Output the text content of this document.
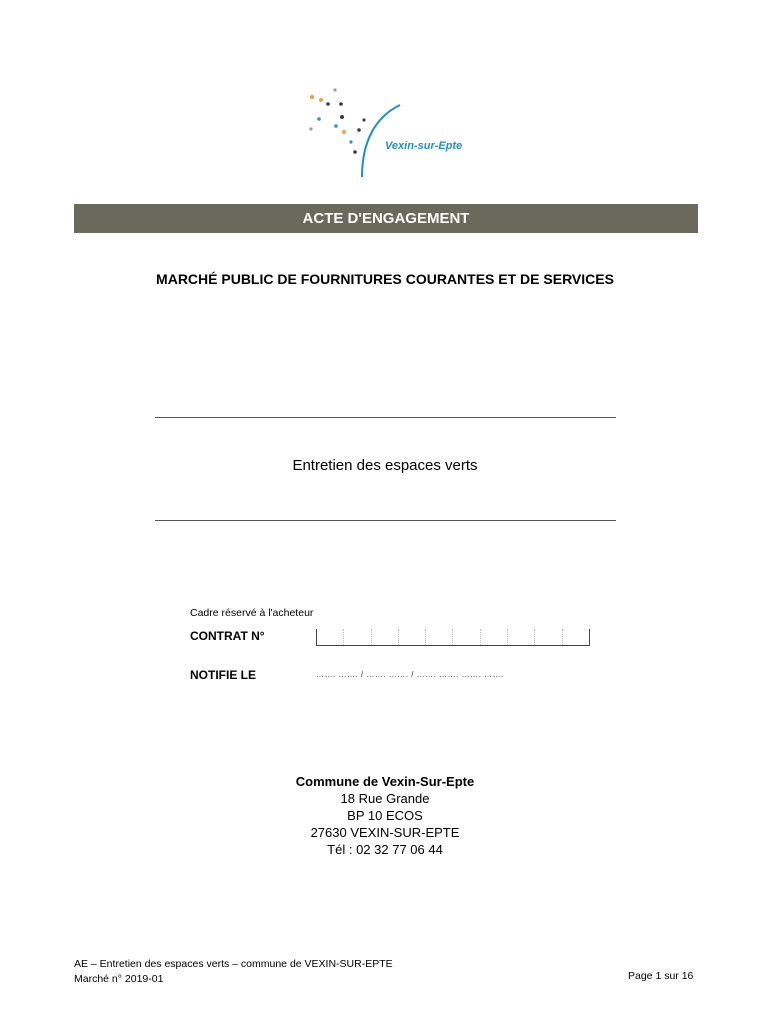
Vexin-sur-Epte
ACTE D'ENGAGEMENT
MARCHÉ PUBLIC DE FOURNITURES COURANTES ET DE SERVICES
Entretien des espaces verts
Cadre réservé à l'acheteur
CONTRAT N°
NOTIFIE LE	……. ……. / ……. ……. / ……. ……. ……. …….
Commune de Vexin-Sur-Epte
18 Rue Grande
BP 10 ECOS
27630 VEXIN-SUR-EPTE
Tél : 02 32 77 06 44
AE – Entretien des espaces verts – commune de VEXIN-SUR-EPTE
Marché n° 2019-01	Page 1 sur 16
